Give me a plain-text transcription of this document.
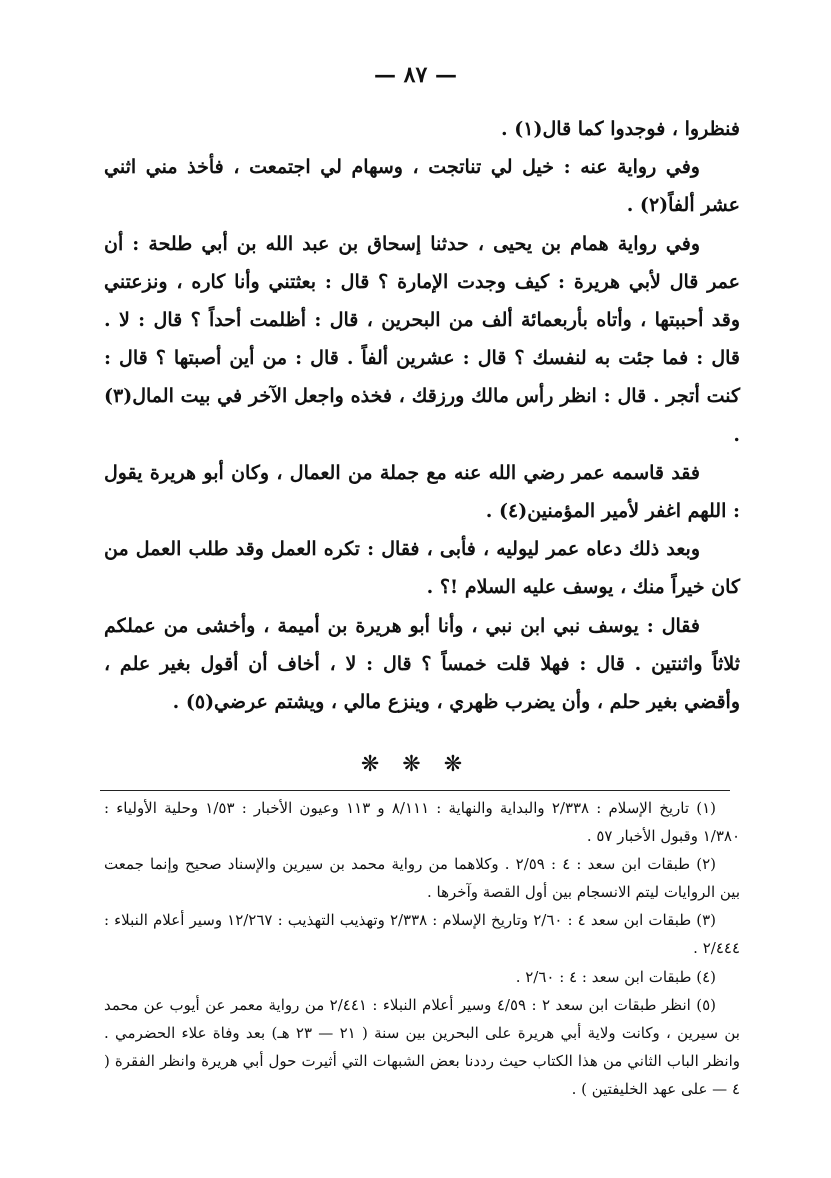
— ٨٧ —

فنظروا ، فوجدوا كما قال(١) .

وفي رواية عنه : خيل لي تناتجت ، وسهام لي اجتمعت ، فأخذ مني اثني عشر ألفاً(٢) .

وفي رواية همام بن يحيى ، حدثنا إسحاق بن عبد الله بن أبي طلحة : أن عمر قال لأبي هريرة : كيف وجدت الإمارة ؟ قال : بعثتني وأنا كاره ، ونزعتني وقد أحببتها ، وأتاه بأربعمائة ألف من البحرين ، قال : أظلمت أحداً ؟ قال : لا . قال : فما جئت به لنفسك ؟ قال : عشرين ألفاً . قال : من أين أصبتها ؟ قال : كنت أتجر . قال : انظر رأس مالك ورزقك ، فخذه واجعل الآخر في بيت المال(٣) .

فقد قاسمه عمر رضي الله عنه مع جملة من العمال ، وكان أبو هريرة يقول : اللهم اغفر لأمير المؤمنين(٤) .

وبعد ذلك دعاه عمر ليوليه ، فأبى ، فقال : تكره العمل وقد طلب العمل من كان خيراً منك ، يوسف عليه السلام !؟ .

فقال : يوسف نبي ابن نبي ، وأنا أبو هريرة بن أميمة ، وأخشى من عملكم ثلاثاً واثنتين . قال : فهلا قلت خمساً ؟ قال : لا ، أخاف أن أقول بغير علم ، وأقضي بغير حلم ، وأن يضرب ظهري ، وينزع مالي ، ويشتم عرضي(٥) .

❋ ❋ ❋

(١) تاريخ الإسلام : ٢/٣٣٨ والبداية والنهاية : ٨/١١١ و ١١٣ وعيون الأخبار : ١/٥٣ وحلية الأولياء : ١/٣٨٠ وقبول الأخبار ٥٧ .

(٢) طبقات ابن سعد : ٤ : ٢/٥٩ . وكلاهما من رواية محمد بن سيرين والإسناد صحيح وإنما جمعت بين الروايات ليتم الانسجام بين أول القصة وآخرها .

(٣) طبقات ابن سعد ٤ : ٢/٦٠ وتاريخ الإسلام : ٢/٣٣٨ وتهذيب التهذيب : ١٢/٢٦٧ وسير أعلام النبلاء : ٢/٤٤٤ .

(٤) طبقات ابن سعد : ٤ : ٢/٦٠ .

(٥) انظر طبقات ابن سعد ٢ : ٤/٥٩ وسير أعلام النبلاء : ٢/٤٤١ من رواية معمر عن أيوب عن محمد بن سيرين ، وكانت ولاية أبي هريرة على البحرين بين سنة ( ٢١ — ٢٣ هـ) بعد وفاة علاء الحضرمي . وانظر الباب الثاني من هذا الكتاب حيث رددنا بعض الشبهات التي أثيرت حول أبي هريرة وانظر الفقرة ( ٤ — على عهد الخليفتين ) .
